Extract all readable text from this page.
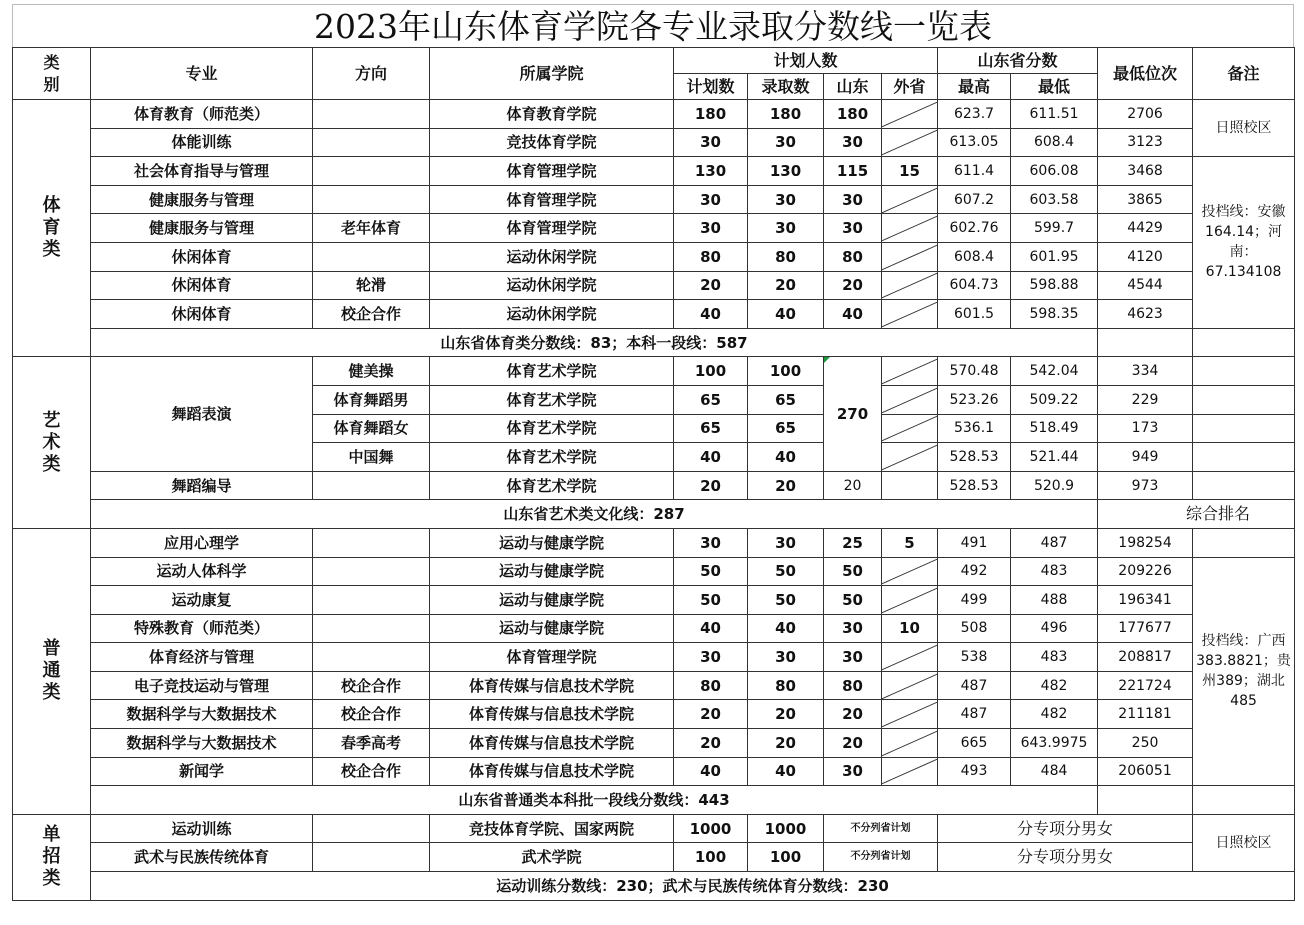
2023年山东体育学院各专业录取分数线一览表
类
别	专业	方向	所属学院	计划人数				山东省分数		最低位次	备注
				计划数	录取数	山东	外省	最高	最低		
体
育
类	体育教育（师范类）		体育教育学院	180	180	180		623.7	611.51	2706	日照校区
	体能训练		竞技体育学院	30	30	30		613.05	608.4	3123	
	社会体育指导与管理		体育管理学院	130	130	115	15	611.4	606.08	3468	投档线：安徽164.14；河南：67.134108
	健康服务与管理		体育管理学院	30	30	30		607.2	603.58	3865	
	健康服务与管理	老年体育	体育管理学院	30	30	30		602.76	599.7	4429	
	休闲体育		运动休闲学院	80	80	80		608.4	601.95	4120	
	休闲体育	轮滑	运动休闲学院	20	20	20		604.73	598.88	4544	
	休闲体育	校企合作	运动休闲学院	40	40	40		601.5	598.35	4623	
	山东省体育类分数线：83；本科一段线：587										
艺
术
类	舞蹈表演	健美操	体育艺术学院	100	100	270		570.48	542.04	334	
		体育舞蹈男	体育艺术学院	65	65			523.26	509.22	229	
		体育舞蹈女	体育艺术学院	65	65			536.1	518.49	173	
		中国舞	体育艺术学院	40	40			528.53	521.44	949	
	舞蹈编导		体育艺术学院	20	20	20		528.53	520.9	973	
	山东省艺术类文化线：287									综合排名	
普
通
类	应用心理学		运动与健康学院	30	30	25	5	491	487	198254	
	运动人体科学		运动与健康学院	50	50	50		492	483	209226	投档线：广西383.8821；贵州389；湖北485
	运动康复		运动与健康学院	50	50	50		499	488	196341	
	特殊教育（师范类）		运动与健康学院	40	40	30	10	508	496	177677	
	体育经济与管理		体育管理学院	30	30	30		538	483	208817	
	电子竞技运动与管理	校企合作	体育传媒与信息技术学院	80	80	80		487	482	221724	
	数据科学与大数据技术	校企合作	体育传媒与信息技术学院	20	20	20		487	482	211181	
	数据科学与大数据技术	春季高考	体育传媒与信息技术学院	20	20	20		665	643.9975	250	
	新闻学	校企合作	体育传媒与信息技术学院	40	40	30		493	484	206051	
	山东省普通类本科批一段线分数线：443										
单
招
类	运动训练		竞技体育学院、国家两院	1000	1000	不分列省计划		分专项分男女			日照校区
	武术与民族传统体育		武术学院	100	100	不分列省计划		分专项分男女			
	运动训练分数线：230；武术与民族传统体育分数线：230										
